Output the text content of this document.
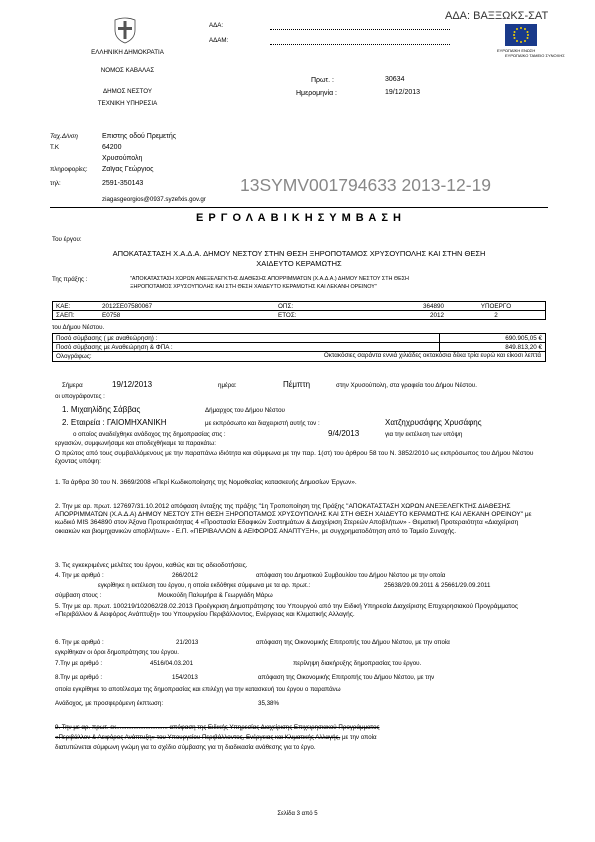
ΑΔΑ: ΒΑΞΞΩΚΣ-ΣΑΤ
ΑΔΑ:
ΑΔΑΜ:
ΕΥΡΩΠΑΪΚΗ ΕΝΩΣΗ
ΕΥΡΩΠΑΪΚΟ ΤΑΜΕΙΟ ΣΥΝΟΧΗΣ
ΕΛΛΗΝΙΚΗ ΔΗΜΟΚΡΑΤΙΑ
ΝΟΜΟΣ ΚΑΒΑΛΑΣ
ΔΗΜΟΣ ΝΕΣΤΟΥ
ΤΕΧΝΙΚΗ ΥΠΗΡΕΣΙΑ
Πρωτ. :	30634
Ημερομηνία :	19/12/2013
Ταχ.Δ/νση	Επιστης οδού Πρεμετής
Τ.Κ	64200
Χρυσούπολη
πληροφορίες: Ζαϊγας Γεώργιος
τηλ:	2591-350143
ziagasgeorgios@0937.syzefxis.gov.gr
13SYMV001794633 2013-12-19
Ε Ρ Γ Ο Λ Α Β Ι Κ Η Σ Υ Μ Β Α Σ Η
Του έργου:
ΑΠΟΚΑΤΑΣΤΑΣΗ Χ.Α.Δ.Α. ΔΗΜΟΥ ΝΕΣΤΟΥ ΣΤΗΝ ΘΕΣΗ ΞΗΡΟΠΟΤΑΜΟΣ ΧΡΥΣΟΥΠΟΛΗΣ ΚΑΙ ΣΤΗΝ ΘΕΣΗ
ΧΑΙΔΕΥΤΟ ΚΕΡΑΜΩΤΗΣ
Της πράξης :	"ΑΠΟΚΑΤΑΣΤΑΣΗ ΧΩΡΩΝ ΑΝΕΞΕΛΕΓΚΤΗΣ ΔΙΑΘΕΣΗΣ ΑΠΟΡΡΙΜΜΑΤΩΝ (Χ.Α.Δ.Α.) ΔΗΜΟΥ ΝΕΣΤΟΥ ΣΤΗ ΘΕΣΗ
ΞΗΡΟΠΟΤΑΜΟΣ ΧΡΥΣΟΥΠΟΛΗΣ ΚΑΙ ΣΤΗ ΘΕΣΗ ΧΑΙΔΕΥΤΟ ΚΕΡΑΜΩΤΗΣ ΚΑΙ ΛΕΚΑΝΗ ΟΡΕΙΝΟΥ"
ΚΑΕ:	2012ΣΕ07580067	ΟΠΣ:	364890	ΥΠΟΕΡΓΟ
ΣΑΕΠ:	Ε0758	ΕΤΟΣ:	2012	2
του Δήμου Νέστου.
Ποσό σύμβασης ( με αναθεώρηση) :	690.905,05 €
Ποσό σύμβασης με Αναθεώρηση & ΦΠΑ :	849.813,20 €
Ολογράφως: Οκτακόσιες σαράντα εννιά χιλιάδες οκτακόσια δέκα τρία ευρώ και είκοσι λεπτά	
Σήμερα	19/12/2013	ημέρα:	Πέμπτη	στην Χρυσούπολη, στα γραφεία του Δήμου Νέστου.
οι υπογράφοντες :
1. Μιχαηλίδης Σάββας	Δήμαρχος του Δήμου Νέστου
2. Εταιρεία : ΓΑΙΟΜΗΧΑΝΙΚΗ	με εκπρόσωπο και διαχειριστή αυτής τον :	Χατζηχρυσάφης Χρυσάφης
ο οποίος αναδείχθηκε ανάδοχος της δημοπρασίας στις :	9/4/2013	για την εκτέλεση των υπόψη
εργασιών, συμφωνήσαμε και αποδεχθήκαμε τα παρακάτω:
Ο πρώτος από τους συμβαλλόμενους με την παραπάνω ιδιότητα και σύμφωνα με την παρ. 1(στ) του άρθρου 58 του Ν. 3852/2010 ως εκπρόσωπος του Δήμου Νέστου έχοντας υπόψη:
1. Τα άρθρα 30 του Ν. 3669/2008 «Περί Κωδικοποίησης της Νομοθεσίας κατασκευής Δημοσίων Έργων».
2. Την με αρ. πρωτ. 127697/31.10.2012 απόφαση ένταξης της πράξης "1η Τροποποίηση της Πράξης "ΑΠΟΚΑΤΑΣΤΑΣΗ ΧΩΡΩΝ ΑΝΕΞΕΛΕΓΚΤΗΣ ΔΙΑΘΕΣΗΣ ΑΠΟΡΡΙΜΜΑΤΩΝ (Χ.Α.Δ.Α) ΔΗΜΟΥ ΝΕΣΤΟΥ ΣΤΗ ΘΕΣΗ ΞΗΡΟΠΟΤΑΜΟΣ ΧΡΥΣΟΥΠΟΛΗΣ ΚΑΙ ΣΤΗ ΘΕΣΗ ΧΑΙΔΕΥΤΟ ΚΕΡΑΜΩΤΗΣ ΚΑΙ ΛΕΚΑΝΗ ΟΡΕΙΝΟΥ" με κωδικό MIS 364890 στον Άξονα Προτεραιότητας 4 «Προστασία Εδαφικών Συστημάτων & Διαχείριση Στερεών Αποβλήτων» - Θεματική Προτεραιότητα «Διαχείριση οικιακών και βιομηχανικών αποβλήτων» - Ε.Π. «ΠΕΡΙΒΑΛΛΟΝ & ΑΕΙΦΟΡΟΣ ΑΝΑΠΤΥΞΗ», με συγχρηματοδότηση από το Ταμείο Συνοχής.
3. Τις εγκεκριμένες μελέτες του έργου, καθώς και τις αδειοδοτήσεις.
4. Την με αριθμό :	266/2012	απόφαση του Δημοτικού Συμβουλίου του Δήμου Νέστου με την οποία
εγκρίθηκε η εκτέλεση του έργου, η οποία εκδόθηκε σύμφωνα με τα αρ. πρωτ.:	25638/29.09.2011 & 25661/29.09.2011
σύμβαση στους :	Μουκούδη Παλυμήρα & Γεωργιάδη Μάρω
5. Την με αρ. πρωτ. 100219/102062/28.02.2013 Προέγκριση Δημοπράτησης του Υπουργού από την Ειδική Υπηρεσία Διαχείρισης Επιχειρησιακού Προγράμματος «Περιβάλλον & Αειφόρος Ανάπτυξη» του Υπουργείου Περιβάλλοντος, Ενέργειας και Κλιματικής Αλλαγής.
6. Την με αριθμό :	21/2013	απόφαση της Οικονομικής Επιτροπής του Δήμου Νέστου, με την οποία
εγκρίθηκαν οι όροι δημοπράτησης του έργου.
7.Την με αριθμό :	4516/04.03.201	περίληψη διακήρυξης δημοπρασίας του έργου.
8.Την με αριθμό :	154/2013	απόφαση της Οικονομικής Επιτροπής του Δήμου Νέστου, με την
οποία εγκρίθηκε το αποτέλεσμα της δημοπρασίας και επιλέχη για την κατασκευή του έργου ο παραπάνω
Ανάδοχος, με προσφερόμενη έκπτωση:	35,38%
9. Την με αρ. πρωτ. εκ.............................. απόφαση της Ειδικής Υπηρεσίας Διαχείρισης Επιχειρησιακού Προγράμματος
«Περιβάλλον & Αειφόρος Ανάπτυξη» του Υπουργείου Περιβάλλοντος, Ενέργειας και Κλιματικής Αλλαγής, με την οποία
διατυπώνεται σύμφωνη γνώμη για το σχέδιο σύμβασης για τη διαδικασία ανάθεσης για το έργο.
Σελίδα 3 από 5
